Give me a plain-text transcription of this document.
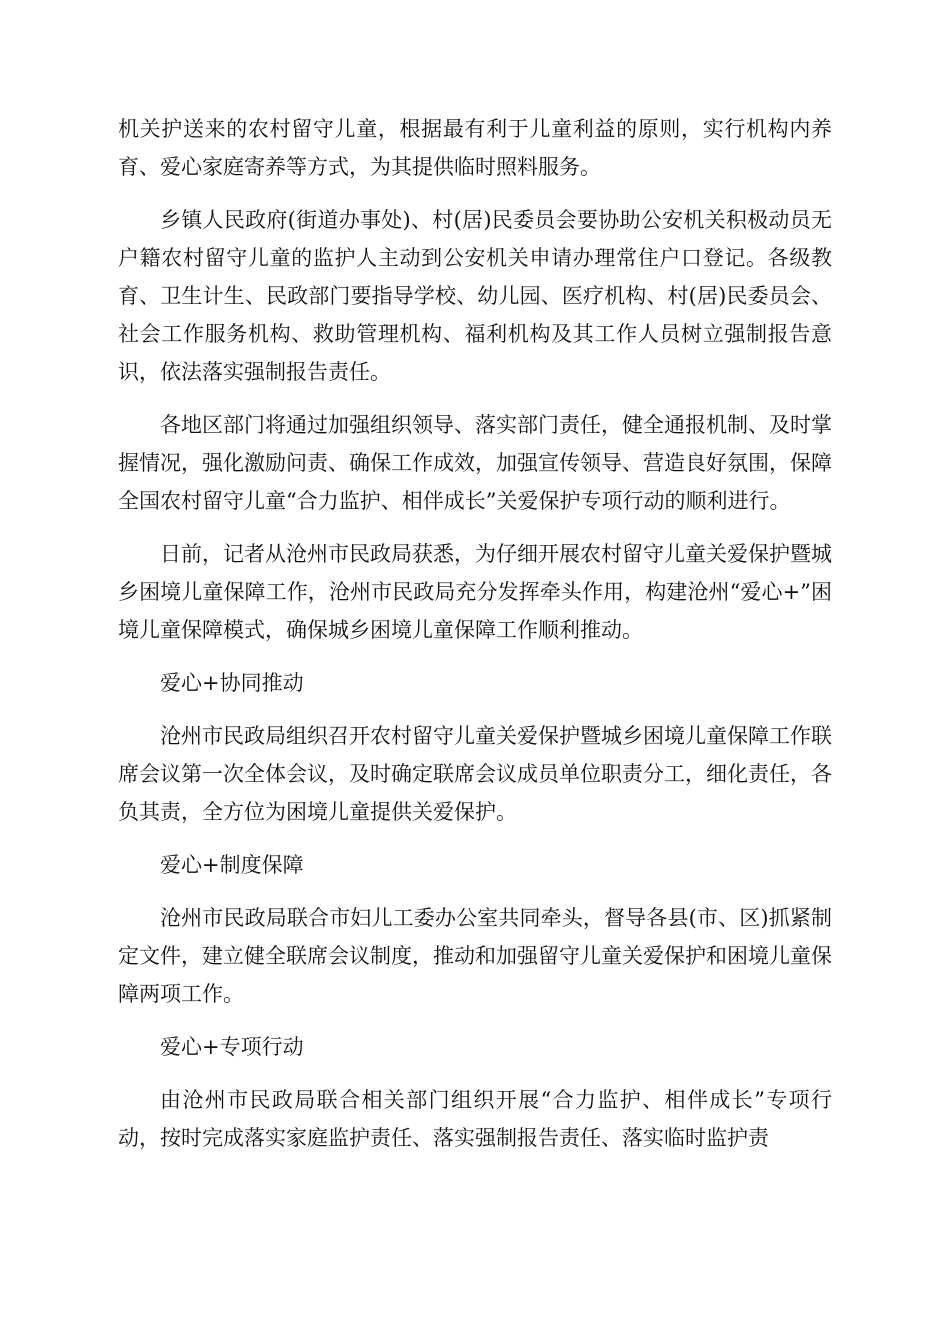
机关护送来的农村留守儿童，根据最有利于儿童利益的原则，实行机构内养育、爱心家庭寄养等方式，为其提供临时照料服务。

乡镇人民政府(街道办事处)、村(居)民委员会要协助公安机关积极动员无户籍农村留守儿童的监护人主动到公安机关申请办理常住户口登记。各级教育、卫生计生、民政部门要指导学校、幼儿园、医疗机构、村(居)民委员会、社会工作服务机构、救助管理机构、福利机构及其工作人员树立强制报告意识，依法落实强制报告责任。

各地区部门将通过加强组织领导、落实部门责任，健全通报机制、及时掌握情况，强化激励问责、确保工作成效，加强宣传领导、营造良好氛围，保障全国农村留守儿童“合力监护、相伴成长”关爱保护专项行动的顺利进行。

日前，记者从沧州市民政局获悉，为仔细开展农村留守儿童关爱保护暨城乡困境儿童保障工作，沧州市民政局充分发挥牵头作用，构建沧州“爱心+”困境儿童保障模式，确保城乡困境儿童保障工作顺利推动。

爱心+协同推动

沧州市民政局组织召开农村留守儿童关爱保护暨城乡困境儿童保障工作联席会议第一次全体会议，及时确定联席会议成员单位职责分工，细化责任，各负其责，全方位为困境儿童提供关爱保护。

爱心+制度保障

沧州市民政局联合市妇儿工委办公室共同牵头，督导各县(市、区)抓紧制定文件，建立健全联席会议制度，推动和加强留守儿童关爱保护和困境儿童保障两项工作。

爱心+专项行动

由沧州市民政局联合相关部门组织开展“合力监护、相伴成长”专项行动，按时完成落实家庭监护责任、落实强制报告责任、落实临时监护责
